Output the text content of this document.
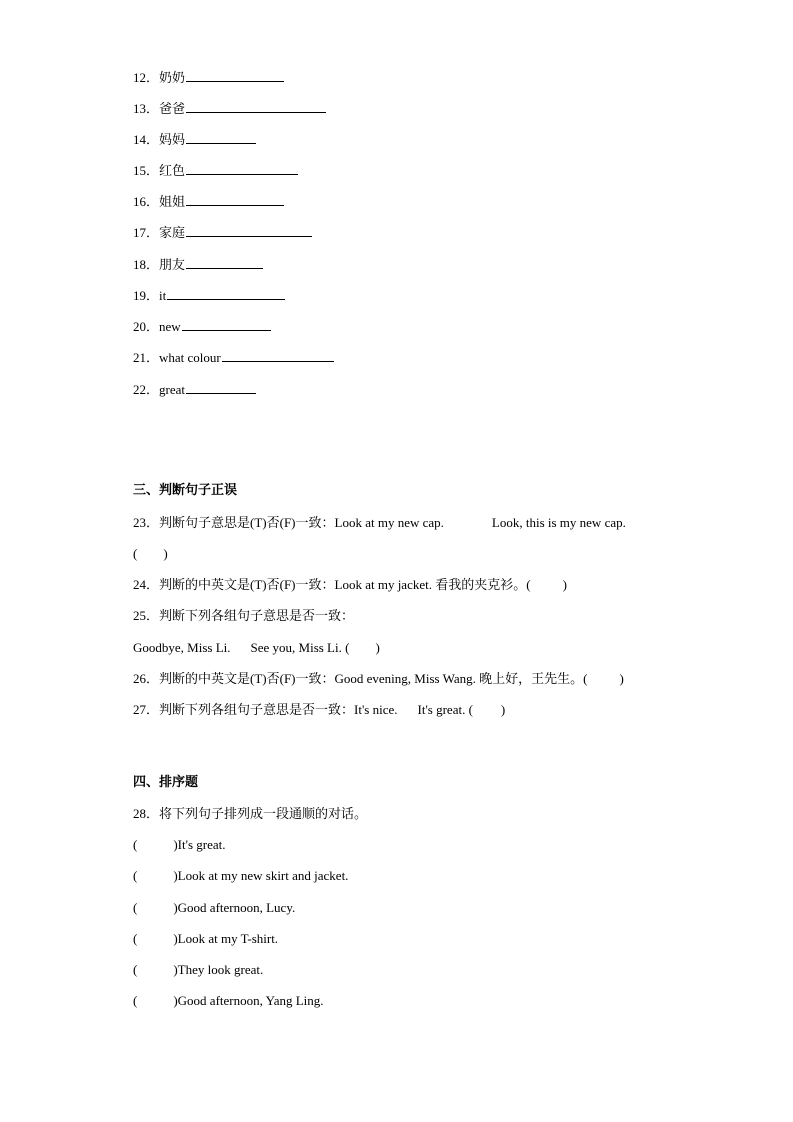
12．奶奶
13．爸爸
14．妈妈
15．红色
16．姐姐
17．家庭
18．朋友
19．it
20．new
21．what colour
22．great
三、判断句子正误
23．判断句子意思是(T)否(F)一致：Look at my new cap.	Look, this is my new cap.
( )
24．判断的中英文是(T)否(F)一致：Look at my jacket. 看我的夹克衫。( )
25．判断下列各组句子意思是否一致：
Goodbye, Miss Li. See you, Miss Li. ( )
26．判断的中英文是(T)否(F)一致：Good evening, Miss Wang. 晚上好，王先生。( )
27．判断下列各组句子意思是否一致：It's nice. It's great. ( )
四、排序题
28．将下列句子排列成一段通顺的对话。
(	)It's great.
(	)Look at my new skirt and jacket.
(	)Good afternoon, Lucy.
(	)Look at my T-shirt.
(	)They look great.
(	)Good afternoon, Yang Ling.
